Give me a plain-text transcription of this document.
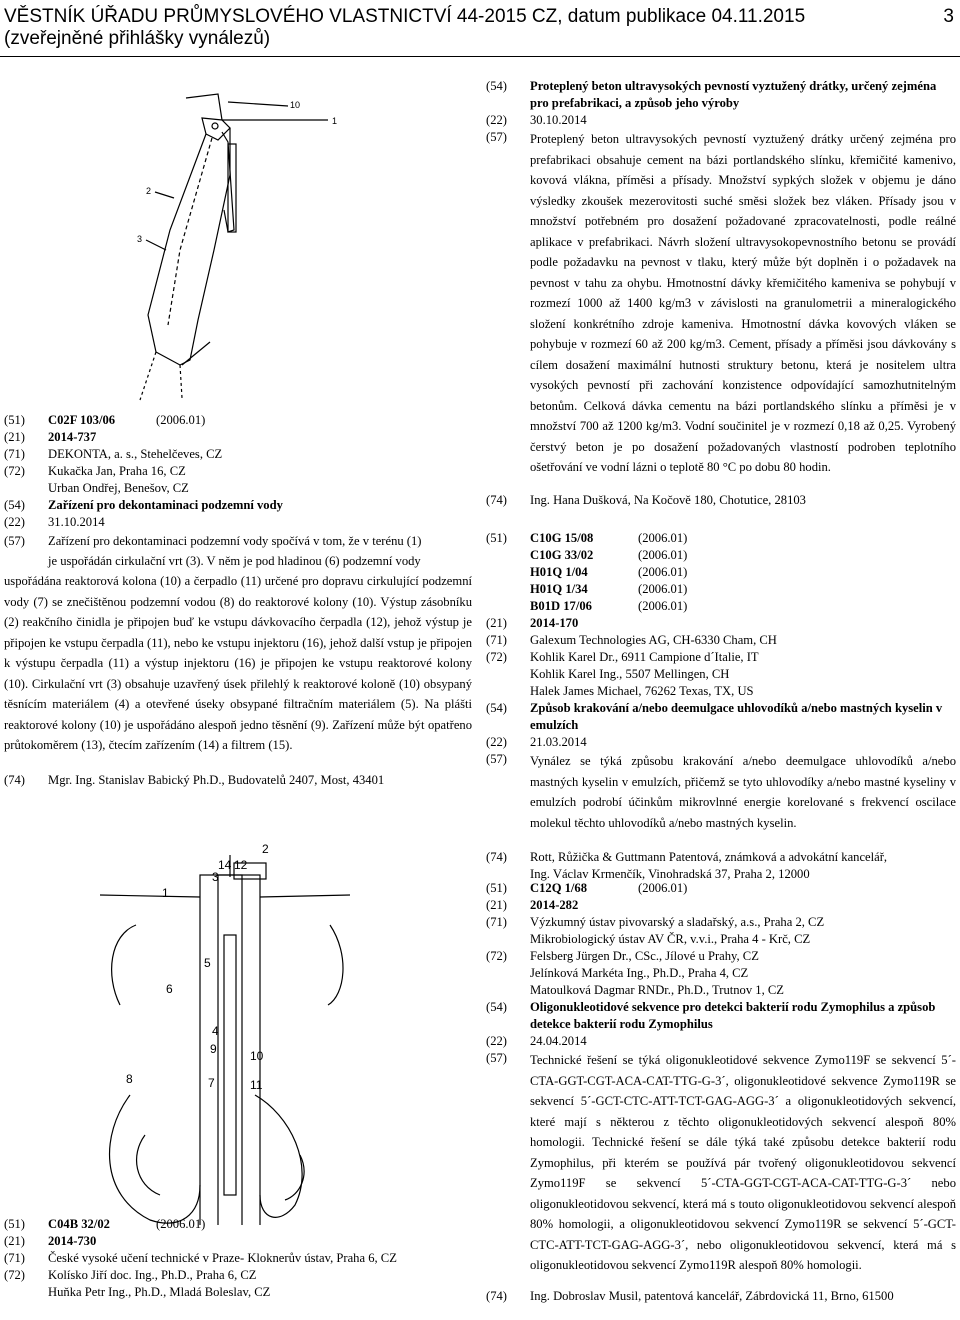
VĚSTNÍK ÚŘADU PRŮMYSLOVÉHO VLASTNICTVÍ 44-2015 CZ, datum publikace 04.11.2015
(zveřejněné přihlášky vynálezů)
3
10
1
2
3
(51)	C02F 103/06	(2006.01)
(21)	2014-737
(71)	DEKONTA, a. s., Stehelčeves, CZ
(72)	Kukačka Jan, Praha 16, CZ
Urban Ondřej, Benešov, CZ
(54)	Zařízení pro dekontaminaci podzemní vody
(22)	31.10.2014
(57)	Zařízení pro dekontaminaci podzemní vody spočívá v tom, že v terénu (1)
je uspořádán cirkulační vrt (3). V něm je pod hladinou (6) podzemní vody
uspořádána reaktorová kolona (10) a čerpadlo (11) určené pro dopravu cirkulující podzemní vody (7) se znečištěnou podzemní vodou (8) do reaktorové kolony (10). Výstup zásobníku (2) reakčního činidla je připojen buď ke vstupu dávkovacího čerpadla (12), jehož výstup je připojen ke vstupu čerpadla (11), nebo ke vstupu injektoru (16), jehož další vstup je připojen k výstupu čerpadla (11) a výstup injektoru (16) je připojen ke vstupu reaktorové kolony (10). Cirkulační vrt (3) obsahuje uzavřený úsek přilehlý k reaktorové koloně (10) obsypaný těsnícím materiálem (4) a otevřené úseky obsypané filtračním materiálem (5). Na plášti reaktorové kolony (10) je uspořádáno alespoň jedno těsnění (9). Zařízení může být opatřeno průtokoměrem (13), čtecím zařízením (14) a filtrem (15).
(74)	Mgr. Ing. Stanislav Babický Ph.D., Budovatelů 2407, Most, 43401
2
3
14 12
1
5
6
4
9	10
8	7	11
(51)	C04B 32/02	(2006.01)
(21)	2014-730
(71)	České vysoké učení technické v Praze- Kloknerův ústav, Praha 6, CZ
(72)	Kolísko Jiří doc. Ing., Ph.D., Praha 6, CZ
Huňka Petr Ing., Ph.D., Mladá Boleslav, CZ
(54)	Proteplený beton ultravysokých pevností vyztužený drátky, určený zejména pro prefabrikaci, a způsob jeho výroby
(22)	30.10.2014
(57)	Proteplený beton ultravysokých pevností vyztužený drátky určený zejména pro prefabrikaci obsahuje cement na bázi portlandského slínku, křemičité kamenivo, kovová vlákna, příměsi a přísady. Množství sypkých složek v objemu je dáno výsledky zkoušek mezerovitosti suché směsi složek bez vláken. Přísady jsou v množství potřebném pro dosažení požadované zpracovatelnosti, podle reálné aplikace v prefabrikaci. Návrh složení ultravysokopevnostního betonu se provádí podle požadavku na pevnost v tlaku, který může být doplněn i o požadavek na pevnost v tahu za ohybu. Hmotnostní dávky křemičitého kameniva se pohybují v rozmezí 1000 až 1400 kg/m3 v závislosti na granulometrii a mineralogického složení konkrétního zdroje kameniva. Hmotnostní dávka kovových vláken se pohybuje v rozmezí 60 až 200 kg/m3. Cement, přísady a příměsi jsou dávkovány s cílem dosažení maximální hutnosti struktury betonu, která je nositelem ultra vysokých pevností při zachování konzistence odpovídající samozhutnitelným betonům. Celková dávka cementu na bázi portlandského slínku a příměsi je v množství 700 až 1200 kg/m3. Vodní součinitel je v rozmezí 0,18 až 0,25. Vyrobený čerstvý beton je po dosažení požadovaných vlastností podroben teplotního ošetřování ve vodní lázni o teplotě 80 °C po dobu 80 hodin.
(74)	Ing. Hana Dušková, Na Kočově 180, Chotutice, 28103
(51)	C10G 15/08	(2006.01)
C10G 33/02	(2006.01)
H01Q 1/04	(2006.01)
H01Q 1/34	(2006.01)
B01D 17/06	(2006.01)
(21)	2014-170
(71)	Galexum Technologies AG, CH-6330 Cham, CH
(72)	Kohlik Karel Dr., 6911 Campione d´Italie, IT
Kohlik Karel Ing., 5507 Mellingen, CH
Halek James Michael, 76262 Texas, TX, US
(54)	Způsob krakování a/nebo deemulgace uhlovodíků a/nebo mastných kyselin v emulzích
(22)	21.03.2014
(57)	Vynález se týká způsobu krakování a/nebo deemulgace uhlovodíků a/nebo mastných kyselin v emulzích, přičemž se tyto uhlovodíky a/nebo mastné kyseliny v emulzích podrobí účinkům mikrovlnné energie korelované s frekvencí oscilace molekul těchto uhlovodíků a/nebo mastných kyselin.
(74)	Rott, Růžička & Guttmann Patentová, známková a advokátní kancelář,
Ing. Václav Krmenčík, Vinohradská 37, Praha 2, 12000
(51)	C12Q 1/68	(2006.01)
(21)	2014-282
(71)	Výzkumný ústav pivovarský a sladařský, a.s., Praha 2, CZ
Mikrobiologický ústav AV ČR, v.v.i., Praha 4 - Krč, CZ
(72)	Felsberg Jürgen Dr., CSc., Jílové u Prahy, CZ
Jelínková Markéta Ing., Ph.D., Praha 4, CZ
Matoulková Dagmar RNDr., Ph.D., Trutnov 1, CZ
(54)	Oligonukleotidové sekvence pro detekci bakterií rodu Zymophilus a způsob detekce bakterií rodu Zymophilus
(22)	24.04.2014
(57)	Technické řešení se týká oligonukleotidové sekvence Zymo119F se sekvencí 5´-CTA-GGT-CGT-ACA-CAT-TTG-G-3´, oligonukleotidové sekvence Zymo119R se sekvencí 5´-GCT-CTC-ATT-TCT-GAG-AGG-3´ a oligonukleotidových sekvencí, které mají s některou z těchto oligonukleotidových sekvencí alespoň 80% homologii. Technické řešení se dále týká také způsobu detekce bakterií rodu Zymophilus, při kterém se používá pár tvořený oligonukleotidovou sekvencí Zymo119F se sekvencí 5´-CTA-GGT-CGT-ACA-CAT-TTG-G-3´ nebo oligonukleotidovou sekvencí, která má s touto oligonukleotidovou sekvencí alespoň 80% homologii, a oligonukleotidovou sekvencí Zymo119R se sekvencí 5´-GCT-CTC-ATT-TCT-GAG-AGG-3´, nebo oligonukleotidovou sekvencí, která má s oligonukleotidovou sekvencí Zymo119R alespoň 80% homologii.
(74)	Ing. Dobroslav Musil, patentová kancelář, Zábrdovická 11, Brno, 61500
